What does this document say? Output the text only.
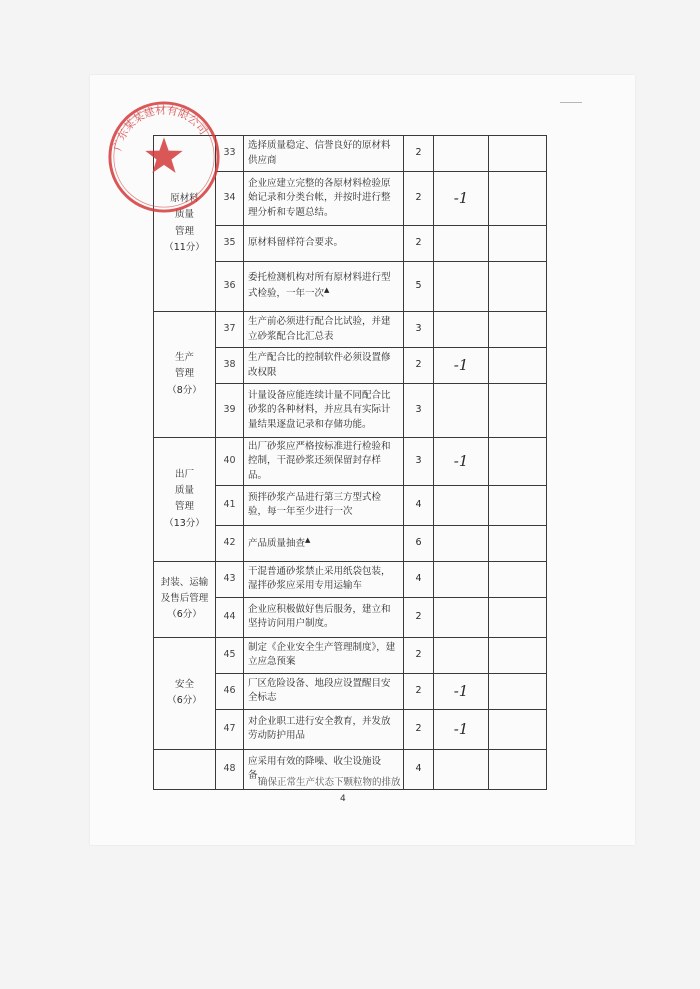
原材料
质量
管理
（11分）	33	选择质量稳定、信誉良好的原材料供应商	2		
	34	企业应建立完整的各原材料检验原始记录和分类台帐，并按时进行整理分析和专题总结。	2	-1	
	35	原材料留样符合要求。	2		
	36	委托检测机构对所有原材料进行型式检验，一年一次▲	5		

生产
管理
（8分）	37	生产前必须进行配合比试验，并建立砂浆配合比汇总表	3		
	38	生产配合比的控制软件必须设置修改权限	2	-1	
	39	计量设备应能连续计量不同配合比砂浆的各种材料，并应具有实际计量结果逐盘记录和存储功能。	3		

出厂
质量
管理
（13分）	40	出厂砂浆应严格按标准进行检验和控制，干混砂浆还须保留封存样品。	3	-1	
	41	预拌砂浆产品进行第三方型式检验，每一年至少进行一次	4		
	42	产品质量抽查▲	6		

封装、运输
及售后管理
（6分）	43	干混普通砂浆禁止采用纸袋包装，湿拌砂浆应采用专用运输车	4		
	44	企业应积极做好售后服务，建立和坚持访问用户制度。	2		

安全
（6分）	45	制定《企业安全生产管理制度》，建立应急预案	2		
	46	厂区危险设备、地段应设置醒目安全标志	2	-1	
	47	对企业职工进行安全教育，并发放劳动防护用品	2	-1	
	48	应采用有效的降噪、收尘设施设备，	4		
确保正常生产状态下颗粒物的排放
4
广东某某建材有限公司
